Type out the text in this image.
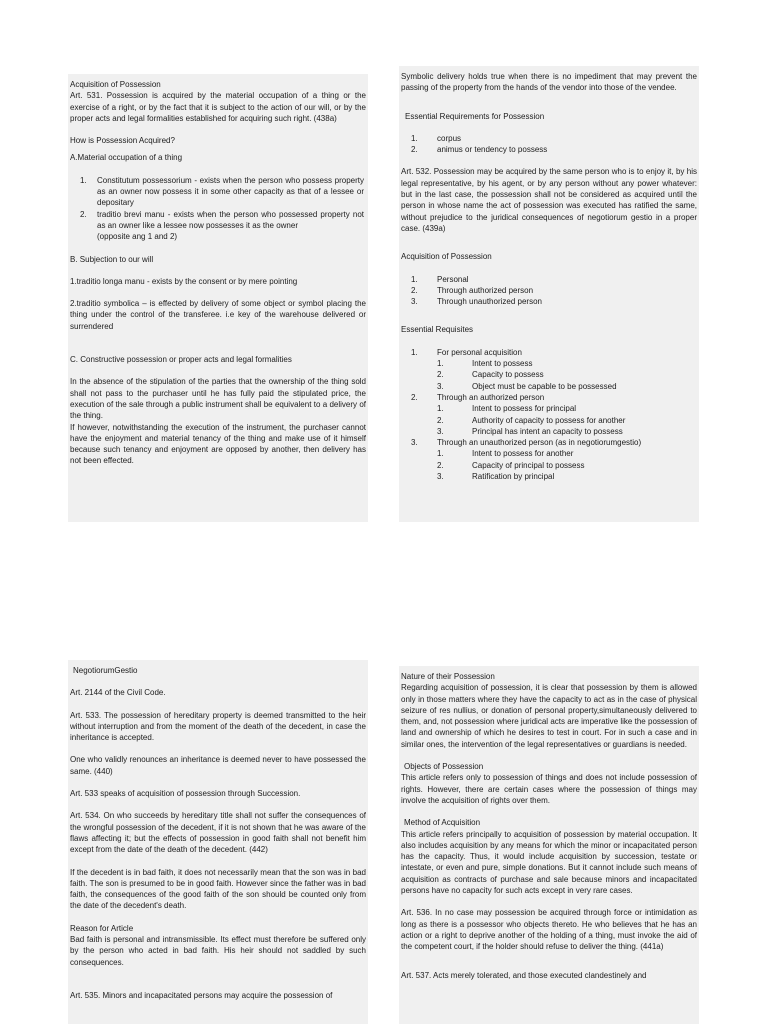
Acquisition of Possession

Art. 531. Possession is acquired by the material occupation of a thing or the exercise of a right, or by the fact that it is subject to the action of our will, or by the proper acts and legal formalities established for acquiring such right. (438a)

How is Possession Acquired?

A.Material occupation of a thing

1. Constitutum possessorium - exists when the person who possess property as an owner now possess it in some other capacity as that of a lessee or depositary
2. traditio brevi manu - exists when the person who possessed property not as an owner like a lessee now possesses it as the owner

(opposite ang 1 and 2)

B. Subjection to our will

1.traditio longa manu - exists by the consent or by mere pointing

2.traditio symbolica – is effected by delivery of some object or symbol placing the thing under the control of the transferee. i.e key of the warehouse delivered or surrendered

C. Constructive possession or proper acts and legal formalities

In the absence of the stipulation of the parties that the ownership of the thing sold shall not pass to the purchaser until he has fully paid the stipulated price, the execution of the sale through a public instrument shall be equivalent to a delivery of the thing.

If however, notwithstanding the execution of the instrument, the purchaser cannot have the enjoyment and material tenancy of the thing and make use of it himself because such tenancy and enjoyment are opposed by another, then delivery has not been effected.

Symbolic delivery holds true when there is no impediment that may prevent the passing of the property from the hands of the vendor into those of the vendee.

Essential Requirements for Possession

1. corpus
2. animus or tendency to possess

Art. 532. Possession may be acquired by the same person who is to enjoy it, by his legal representative, by his agent, or by any person without any power whatever: but in the last case, the possession shall not be considered as acquired until the person in whose name the act of possession was executed has ratified the same, without prejudice to the juridical consequences of negotiorum gestio in a proper case. (439a)

Acquisition of Possession

1. Personal
2. Through authorized person
3. Through unauthorized person

Essential Requisites

1. For personal acquisition
1.	Intent to possess
2.	Capacity to possess
3.	Object must be capable to be possessed
2. Through an authorized person
1.	Intent to possess for principal
2.	Authority of capacity to possess for another
3.	Principal has intent an capacity to possess
3. Through an unauthorized person (as in negotiorumgestio)
1.	Intent to possess for another
2.	Capacity of principal to possess
3.	Ratification by principal

NegotiorumGestio

Art. 2144 of the Civil Code.

Art. 533. The possession of hereditary property is deemed transmitted to the heir without interruption and from the moment of the death of the decedent, in case the inheritance is accepted.

One who validly renounces an inheritance is deemed never to have possessed the same. (440)

Art. 533 speaks of acquisition of possession through Succession.

Art. 534. On who succeeds by hereditary title shall not suffer the consequences of the wrongful possession of the decedent, if it is not shown that he was aware of the flaws affecting it; but the effects of possession in good faith shall not benefit him except from the date of the death of the decedent. (442)

If the decedent is in bad faith, it does not necessarily mean that the son was in bad faith. The son is presumed to be in good faith. However since the father was in bad faith, the consequences of the good faith of the son should be counted only from the date of the decedent's death.

Reason for Article

Bad faith is personal and intransmissible. Its effect must therefore be suffered only by the person who acted in bad faith. His heir should not saddled by such consequences.

Art. 535. Minors and incapacitated persons may acquire the possession of

Nature of their Possession

Regarding acquisition of possession, it is clear that possession by them is allowed only in those matters where they have the capacity to act as in the case of physical seizure of res nullius, or donation of personal property,simultaneously delivered to them, and, not possession where juridical acts are imperative like the possession of land and ownership of which he desires to test in court. For in such a case and in similar ones, the intervention of the legal representatives or guardians is needed.

Objects of Possession

This article refers only to possession of things and does not include possession of rights. However, there are certain cases where the possession of things may involve the acquisition of rights over them.

Method of Acquisition

This article refers principally to acquisition of possession by material occupation. It also includes acquisition by any means for which the minor or incapacitated person has the capacity. Thus, it would include acquisition by succession, testate or intestate, or even and pure, simple donations. But it cannot include such means of acquisition as contracts of purchase and sale because minors and incapacitated persons have no capacity for such acts except in very rare cases.

Art. 536. In no case may possession be acquired through force or intimidation as long as there is a possessor who objects thereto. He who believes that he has an action or a right to deprive another of the holding of a thing, must invoke the aid of the competent court, if the holder should refuse to deliver the thing. (441a)

Art. 537. Acts merely tolerated, and those executed clandestinely and
